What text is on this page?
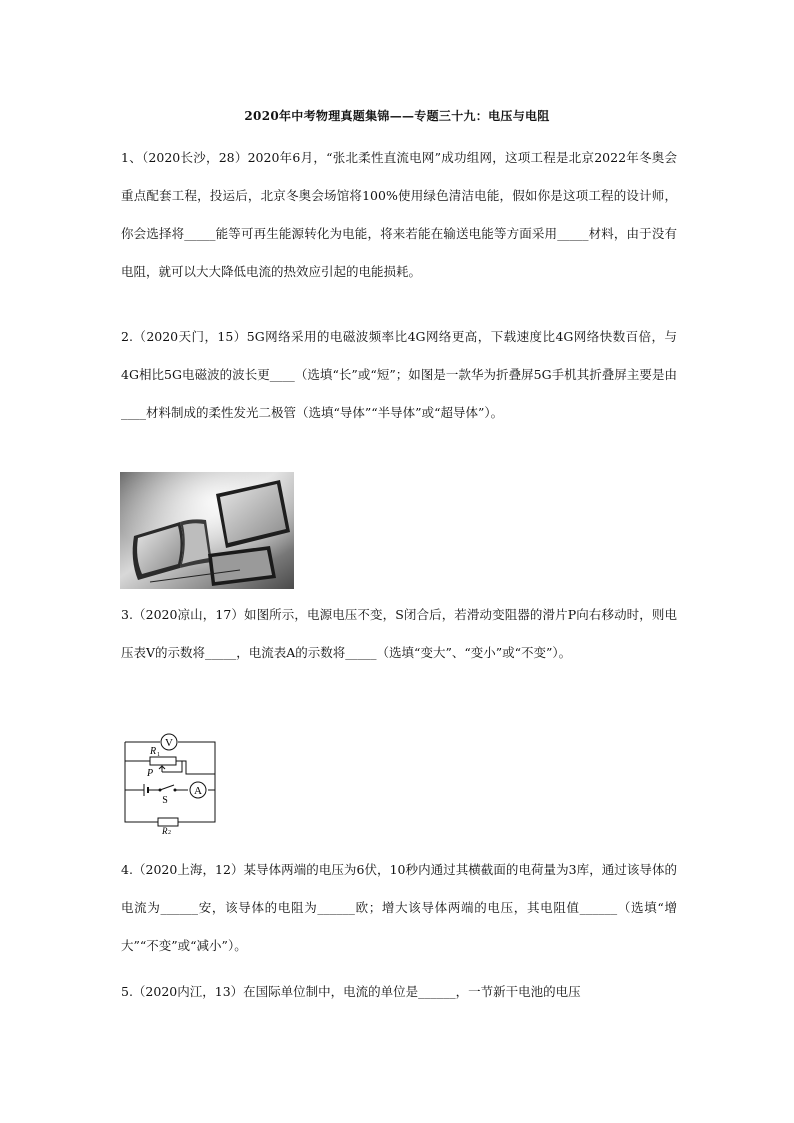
2020年中考物理真题集锦——专题三十九：电压与电阻
1、（2020长沙，28）2020年6月，“张北柔性直流电网”成功组网，这项工程是北京2022年冬奥会重点配套工程，投运后，北京冬奥会场馆将100%使用绿色清洁电能，假如你是这项工程的设计师，你会选择将_____能等可再生能源转化为电能，将来若能在输送电能等方面采用_____材料，由于没有电阻，就可以大大降低电流的热效应引起的电能损耗。
2.（2020天门，15）5G网络采用的电磁波频率比4G网络更高，下载速度比4G网络快数百倍，与4G相比5G电磁波的波长更____（选填“长”或“短”；如图是一款华为折叠屏5G手机其折叠屏主要是由____材料制成的柔性发光二极管（选填“导体”“半导体”或“超导体”）。
3.（2020凉山，17）如图所示，电源电压不变，S闭合后，若滑动变阻器的滑片P向右移动时，则电压表V的示数将_____，电流表A的示数将_____（选填“变大”、“变小”或“不变”）。
V
A
S
P
R 1
R 2
4.（2020上海，12）某导体两端的电压为6伏，10秒内通过其横截面的电荷量为3库，通过该导体的电流为______安，该导体的电阻为______欧；增大该导体两端的电压，其电阻值______（选填“增大”“不变”或“减小”）。
5.（2020内江，13）在国际单位制中，电流的单位是______，一节新干电池的电压
